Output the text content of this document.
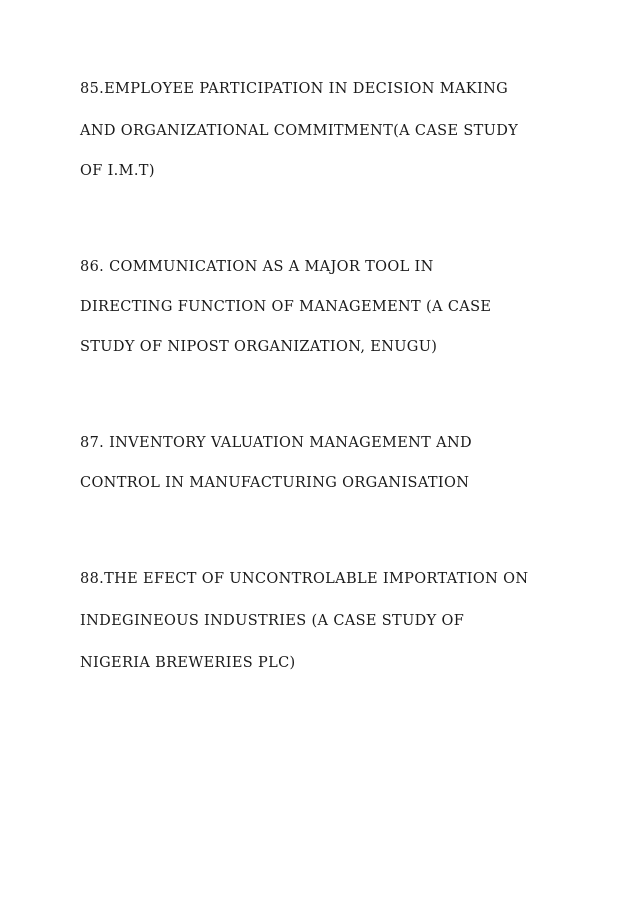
85.EMPLOYEE PARTICIPATION IN DECISION MAKING

AND ORGANIZATIONAL COMMITMENT(A CASE STUDY

OF I.M.T)

86. COMMUNICATION AS A MAJOR TOOL IN

DIRECTING FUNCTION OF MANAGEMENT (A CASE

STUDY OF NIPOST ORGANIZATION, ENUGU)

87. INVENTORY VALUATION MANAGEMENT AND

CONTROL IN MANUFACTURING ORGANISATION

88.THE EFECT OF UNCONTROLABLE IMPORTATION ON

INDEGINEOUS INDUSTRIES (A CASE STUDY OF

NIGERIA BREWERIES PLC)
